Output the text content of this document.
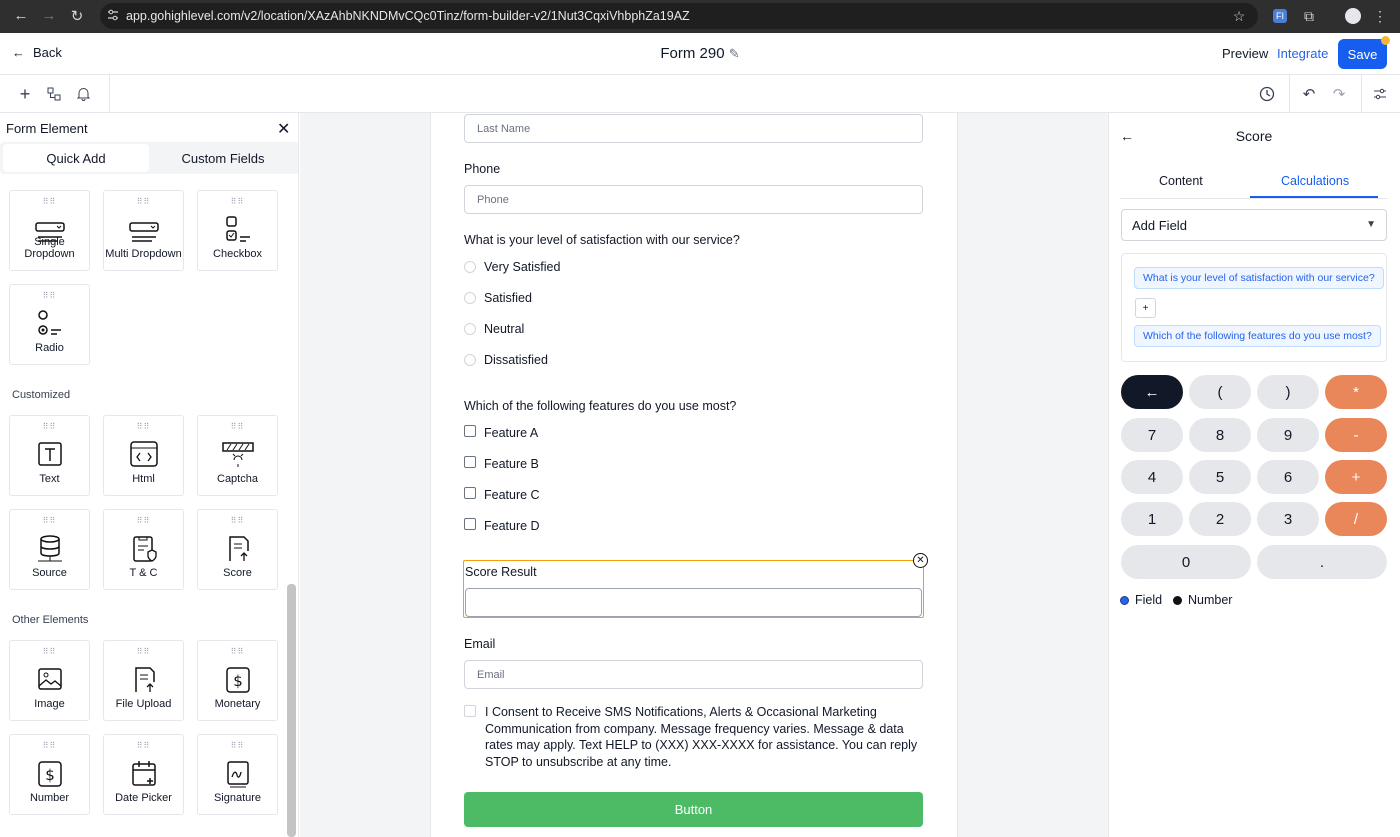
← → ↻	app.gohighlevel.com/v2/location/XAzAhbNKNDMvCQc0Tinz/form-builder-v2/1Nut3CqxiVhbphZa19AZ	☆	FI	⧉	⋮
← Back	Form 290 ✎	Preview Integrate	Save
+	↶ ↷
Form Element	✕
Quick Add	Custom Fields
⠿⠿
Single Dropdown
⠿⠿
Multi Dropdown
⠿⠿
Checkbox
⠿⠿
Radio
Customized
⠿⠿
Text
⠿⠿
Html
⠿⠿
Captcha
⠿⠿
Source
⠿⠿
T & C
⠿⠿
Score
Other Elements
⠿⠿
Image
⠿⠿
File Upload
⠿⠿
$
Monetary
⠿⠿
$
Number
⠿⠿
Date Picker
⠿⠿
Signature
Last Name
Phone
Phone
What is your level of satisfaction with our service?
Very Satisfied
Satisfied
Neutral
Dissatisfied
Which of the following features do you use most?
Feature A
Feature B
Feature C
Feature D
Score Result
✕
Email
Email
I Consent to Receive SMS Notifications, Alerts & Occasional Marketing Communication from company. Message frequency varies. Message & data rates may apply. Text HELP to (XXX) XXX-XXXX for assistance. You can reply STOP to unsubscribe at any time.
Button
←	Score
Content	Calculations
Add Field	▼
What is your level of satisfaction with our service?
+
Which of the following features do you use most?
←	(	)	*
7	8	9	-
4	5	6	+
1	2	3	/
0	.
Field Number
